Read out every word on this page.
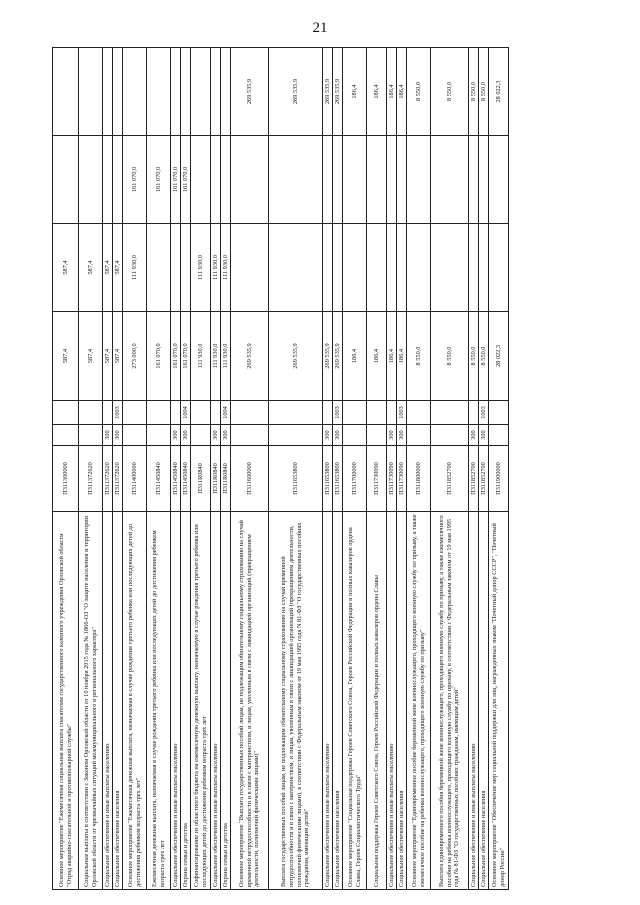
21
Основное мероприятие "Ежемесячная социальная выплата спасателям государственного казенного учреждения Орловской области "Отряд аварийно-спасательной и противопожарной службы"	П311300000			587,4	587,4		
Социальные выплаты в соответствии с Законом Орловской области от 10 ноября 2015 года № 1866-ОЗ "О защите населения и территории Орловской области от чрезвычайных ситуаций межмуниципального и регионального характера"	П311372620			587,4	587,4		
Социальное обеспечение и иные выплаты населению	П311372620	300		587,4	587,4		
Социальное обеспечение населения	П311372620	300	1003	587,4	587,4		
Основное мероприятие "Ежемесячная денежная выплата, назначаемая в случае рождения третьего ребенка или последующих детей до достижения ребенком возраста трех лет"	П311400000			273 000,0	111 930,0	161 070,0	
Ежемесячная денежная выплата, назначаемая в случае рождения третьего ребенка или последующих детей до достижения ребенком возраста трех лет	П311450840			161 070,0		161 070,0	
Социальное обеспечение и иные выплаты населению	П311450840	300		161 070,0		161 070,0	
Охрана семьи и детства	П311450840	300	1004	161 070,0		161 070,0	
Софинансирование из областного бюджета на ежемесячную денежную выплату, назначаемую в случае рождения третьего ребенка или последующих детей до достижения ребенком возраста трех лет	П311R0840			111 930,0	111 930,0		
Социальное обеспечение и иные выплаты населению	П311R0840	300		111 930,0	111 930,0		
Охрана семьи и детства	П311R0840	300	1004	111 930,0	111 930,0		
Основное мероприятие "Выплата государственных пособий лицам, не подлежащим обязательному социальному страхованию на случай временной нетрудоспособности и в связи с материнством, и лицам, уволенным в связи с ликвидацией организаций (прекращением деятельности, полномочий физическими лицами)"	П311600000			269 535,9			269 535,9
Выплата государственных пособий лицам, не подлежащим обязательному социальному страхованию на случай временной нетрудоспособности и в связи с материнством, и лицам, уволенным в связи с ликвидацией организаций (прекращением деятельности, полномочий физическими лицами), в соответствии с Федеральным законом от 19 мая 1995 года N 81-ФЗ "О государственных пособиях гражданам, имеющим детей"	П311653800			269 535,9			269 535,9
Социальное обеспечение и иные выплаты населению	П311653800	300		269 535,9			269 535,9
Социальное обеспечение населения	П311653800	300	1003	269 535,9			269 535,9
Основное мероприятие "Социальная поддержка Героев Советского Союза, Героев Российской Федерации и полных кавалеров ордена Славы, Героев Социалистического Труда"	П311700000			186,4			186,4
Социальная поддержка Героев Советского Союза, Героев Российской Федерации и полных кавалеров ордена Славы	П311730090			186,4			186,4
Социальное обеспечение и иные выплаты населению	П311730090	300		186,4			186,4
Социальное обеспечение населения	П311730090	300	1003	186,4			186,4
Основное мероприятие "Единовременное пособие беременной жене военнослужащего, проходящего военную службу по призыву, а также ежемесячное пособие на ребенка военнослужащего, проходящего военную службу по призыву"	П311800000			8 550,0			8 550,0
Выплата единовременного пособия беременной жене военнослужащего, проходящего военную службу по призыву, а также ежемесячного пособия на ребенка военнослужащего, проходящего военную службу по призыву, в соответствии с Федеральным законом от 19 мая 1995 года № 81-ФЗ "О государственных пособиях гражданам, имеющим детей"	П311852700			8 550,0			8 550,0
Социальное обеспечение и иные выплаты населению	П311852700	300		8 550,0			8 550,0
Социальное обеспечение населения	П311852700	300	1003	8 550,0			8 550,0
Основное мероприятие "Обеспечение мер социальной поддержки для лиц, награжденных знаком "Почетный донор СССР", "Почетный донор России"	П311900000			28 022,3			28 022,3
